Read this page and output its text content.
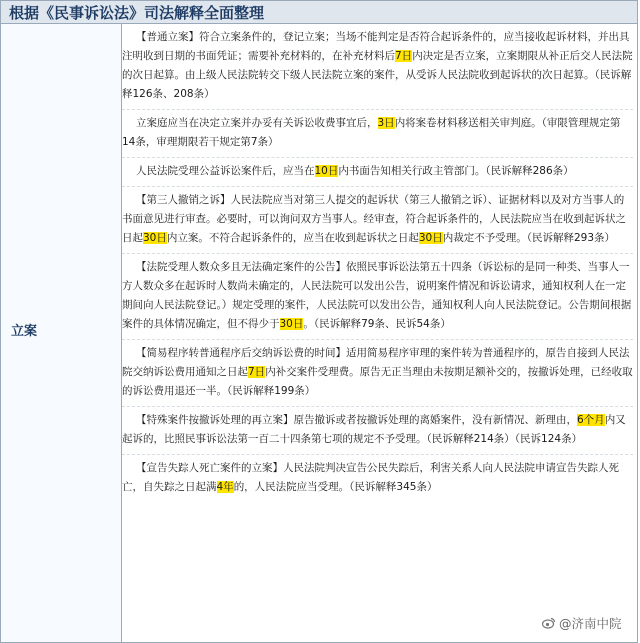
根据《民事诉讼法》司法解释全面整理
立案

【普通立案】符合立案条件的，登记立案；当场不能判定是否符合起诉条件的，应当接收起诉材料，并出具注明收到日期的书面凭证；需要补充材料的，在补充材料后7日内决定是否立案，立案期限从补正后交人民法院的次日起算。由上级人民法院转交下级人民法院立案的案件，从受诉人民法院收到起诉状的次日起算。（民诉解释126条、208条）

立案庭应当在决定立案并办妥有关诉讼收费事宜后，3日内将案卷材料移送相关审判庭。（审限管理规定第14条，审理期限若干规定第7条）

人民法院受理公益诉讼案件后，应当在10日内书面告知相关行政主管部门。（民诉解释286条）

【第三人撤销之诉】人民法院应当对第三人提交的起诉状（第三人撤销之诉）、证据材料以及对方当事人的书面意见进行审查。必要时，可以询问双方当事人。经审查，符合起诉条件的，人民法院应当在收到起诉状之日起30日内立案。不符合起诉条件的，应当在收到起诉状之日起30日内裁定不予受理。（民诉解释293条）

【法院受理人数众多且无法确定案件的公告】依照民事诉讼法第五十四条（诉讼标的是同一种类、当事人一方人数众多在起诉时人数尚未确定的，人民法院可以发出公告，说明案件情况和诉讼请求，通知权利人在一定期间向人民法院登记。）规定受理的案件，人民法院可以发出公告，通知权利人向人民法院登记。公告期间根据案件的具体情况确定，但不得少于30日。（民诉解释79条、民诉54条）

【简易程序转普通程序后交纳诉讼费的时间】适用简易程序审理的案件转为普通程序的，原告自接到人民法院交纳诉讼费用通知之日起7日内补交案件受理费。原告无正当理由未按期足额补交的，按撤诉处理，已经收取的诉讼费用退还一半。（民诉解释199条）

【特殊案件按撤诉处理的再立案】原告撤诉或者按撤诉处理的离婚案件，没有新情况、新理由，6个月内又起诉的，比照民事诉讼法第一百二十四条第七项的规定不予受理。（民诉解释214条）（民诉124条）

【宣告失踪人死亡案件的立案】人民法院判决宣告公民失踪后，利害关系人向人民法院申请宣告失踪人死亡，自失踪之日起满4年的，人民法院应当受理。（民诉解释345条）

@济南中院
